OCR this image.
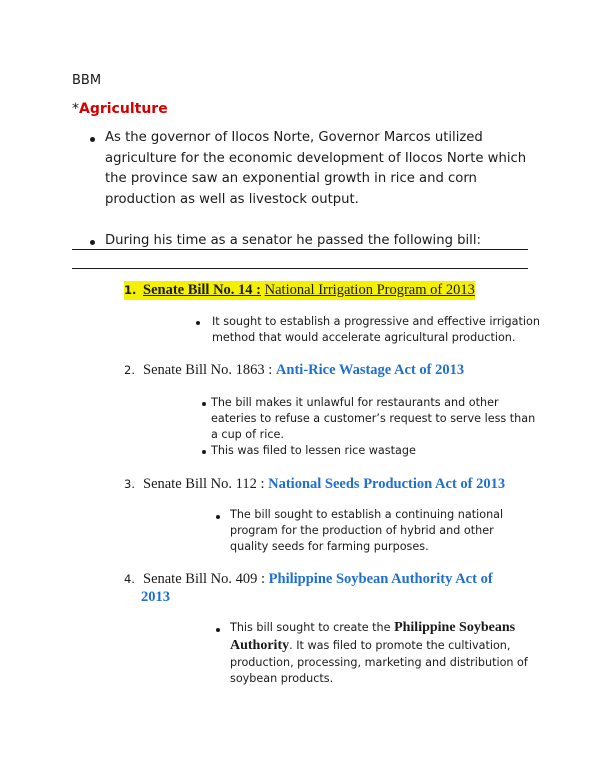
BBM
*Agriculture
As the governor of Ilocos Norte, Governor Marcos utilized
agriculture for the economic development of Ilocos Norte which
the province saw an exponential growth in rice and corn
production as well as livestock output.
During his time as a senator he passed the following bill:
1. Senate Bill No. 14 : National Irrigation Program of 2013
It sought to establish a progressive and effective irrigation
method that would accelerate agricultural production.
2. Senate Bill No. 1863 : Anti-Rice Wastage Act of 2013
The bill makes it unlawful for restaurants and other
eateries to refuse a customer’s request to serve less than
a cup of rice.
This was filed to lessen rice wastage
3. Senate Bill No. 112 : National Seeds Production Act of 2013
The bill sought to establish a continuing national
program for the production of hybrid and other
quality seeds for farming purposes.
4. Senate Bill No. 409 : Philippine Soybean Authority Act of
2013
This bill sought to create the Philippine Soybeans
Authority. It was filed to promote the cultivation,
production, processing, marketing and distribution of
soybean products.
